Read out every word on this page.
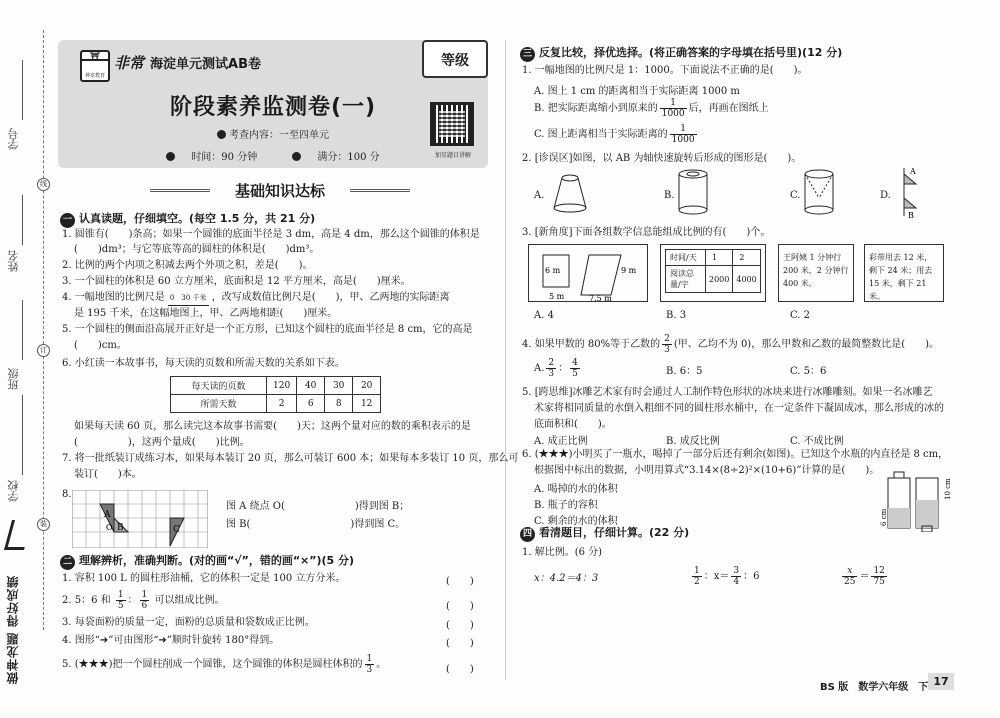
学号
线
姓名
订
班级
学校
装
做神龙题 得好成绩
⛩
神龙教育
非常 海淀单元测试AB卷	等级
阶段素养监测卷(一)
考查内容：一至四单元
时间：90 分钟	满分：100 分	加星题目讲解
基础知识达标
一 认真读题，仔细填空。(每空 1.5 分，共 21 分)
1. 圆锥有(　　)条高；如果一个圆锥的底面半径是 3 dm，高是 4 dm，那么这个圆锥的体积是
(　　)dm³；与它等底等高的圆柱的体积是(　　)dm³。
2. 比例的两个内项之积减去两个外项之积，差是(　　)。
3. 一个圆柱的体积是 60 立方厘米，底面积是 12 平方厘米，高是(　　)厘米。
4. 一幅地图的比例尺是 0　30 千米 ，改写成数值比例尺是(　　)，甲、乙两地的实际距离
是 195 千米，在这幅地图上，甲、乙两地相距(　　)厘米。
5. 一个圆柱的侧面沿高展开正好是一个正方形，已知这个圆柱的底面半径是 8 cm，它的高是
(　　)cm。
6. 小红读一本故事书，每天读的页数和所需天数的关系如下表。
每天读的页数	120	40	30	20
所需天数	2	6	8	12
如果每天读 60 页，那么读完这本故事书需要(　　)天；这两个量对应的数的乘积表示的是
(　　　　　)，这两个量成(　　)比例。
7. 将一批纸装订成练习本，如果每本装订 20 页，那么可装订 600 本；如果每本多装订 10 页，那么可
装订(　　)本。
8.
A
O B	C
图 A 绕点 O(　　　　　　　)得到图 B；
图 B(　　　　　　　　　　)得到图 C。
二 理解辨析，准确判断。(对的画“√”，错的画“×”)(5 分)
1. 容积 100 L 的圆柱形油桶，它的体积一定是 100 立方分米。	(　　)
2. 5：6 和 $\frac{1}{5}$ ： $\frac{1}{6}$ 可以组成比例。
(　　)
3. 每袋面粉的质量一定，面粉的总质量和袋数成正比例。	(　　)
4. 图形“➔”可由图形“➜”顺时针旋转 180°得到。	(　　)
5. (★★★)把一个圆柱削成一个圆锥，这个圆锥的体积是圆柱体积的 $\frac{1}{3}$ 。	(　　)
三 反复比较，择优选择。(将正确答案的字母填在括号里)(12 分)
1. 一幅地图的比例尺是 1：1000。下面说法不正确的是(　　)。
A. 图上 1 cm 的距离相当于实际距离 1000 m
B. 把实际距离缩小到原来的 $\frac{1}{1000}$ 后，再画在图纸上
C. 图上距离相当于实际距离的 $\frac{1}{1000}$
2. [诊误区]如图，以 AB 为轴快速旋转后形成的图形是(　　)。
A.	B.	C.	D.
A
B
3. [新角度]下面各组数学信息能组成比例的有(　　)个。
6 m
5 m
9 m
7.5 m
时间/天	1	2
阅读总量/字	2000	4000
王阿姨 1 分钟行 200 米，2 分钟行 400 米。
彩带用去 12 米，剩下 24 米；用去 15 米，剩下 21 米。
A. 4	B. 3	C. 2
4. 如果甲数的 80%等于乙数的 $\frac{2}{3}$ (甲、乙均不为 0)，那么甲数和乙数的最简整数比是(　　)。
A. $\frac{2}{3}$ ： $\frac{4}{5}$	B. 6：5	C. 5：6
5. [跨思维]冰雕艺术家有时会通过人工制作特色形状的冰块来进行冰雕雕刻。如果一名冰雕艺
术家将相同质量的水倒入粗细不同的圆柱形水桶中，在一定条件下凝固成冰，那么形成的冰的
底面积和(　　)。
A. 成正比例	B. 成反比例	C. 不成比例
6. (★★★)小明买了一瓶水，喝掉了一部分后还有剩余(如图)。已知这个水瓶的内直径是 8 cm，
根据图中标出的数据，小明用算式“3.14×(8÷2)²×(10+6)”计算的是(　　)。
A. 喝掉的水的体积
B. 瓶子的容积
C. 剩余的水的体积	6 cm
10 cm
四 看清题目，仔细计算。(22 分)
1. 解比例。(6 分)
x：4.2＝4：3	$\frac{1}{2}$ ：$x= \frac{3}{4}$ ：6	$\frac{x}{25} = \frac{12}{75}$
BS 版　数学六年级　下 17
